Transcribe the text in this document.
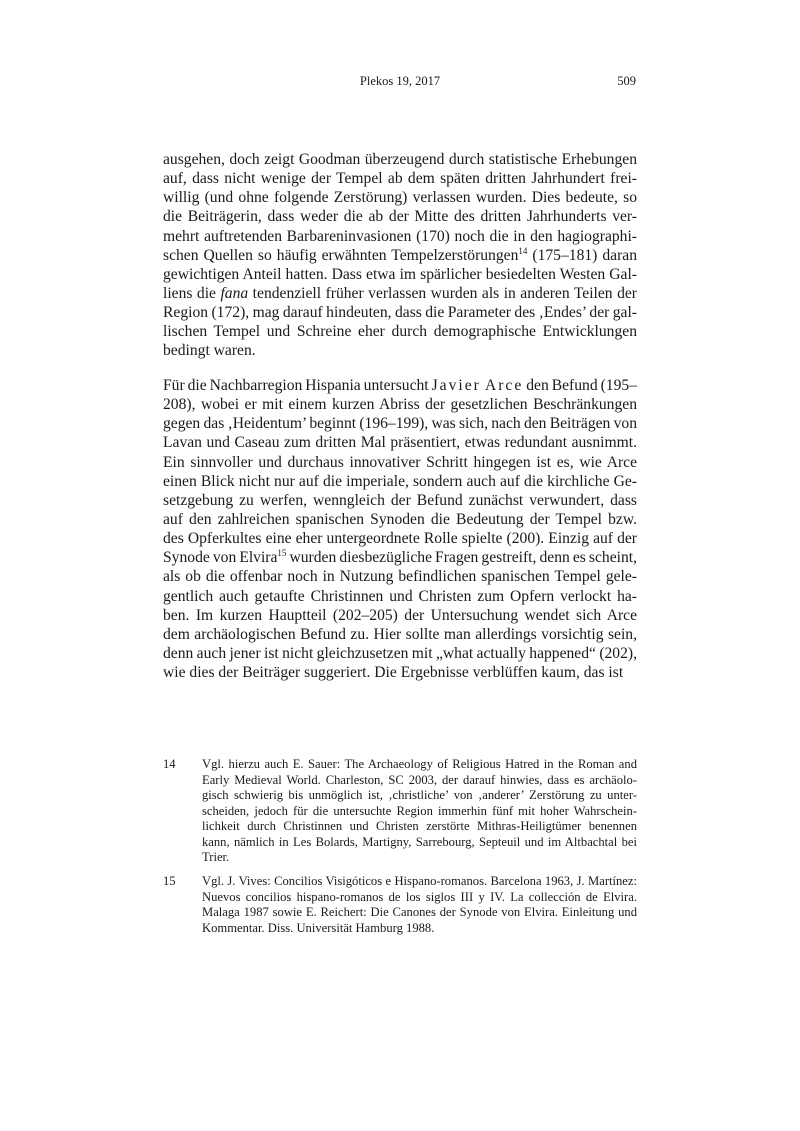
Plekos 19, 2017	509
ausgehen, doch zeigt Goodman überzeugend durch statistische Erhebungen
auf, dass nicht wenige der Tempel ab dem späten dritten Jahrhundert frei-
willig (und ohne folgende Zerstörung) verlassen wurden. Dies bedeute, so
die Beiträgerin, dass weder die ab der Mitte des dritten Jahrhunderts ver-
mehrt auftretenden Barbareninvasionen (170) noch die in den hagiographi-
schen Quellen so häufig erwähnten Tempelzerstörungen$^{14}$ (175–181) daran
gewichtigen Anteil hatten. Dass etwa im spärlicher besiedelten Westen Gal-
liens die fana tendenziell früher verlassen wurden als in anderen Teilen der
Region (172), mag darauf hindeuten, dass die Parameter des ‚Endes’ der gal-
lischen Tempel und Schreine eher durch demographische Entwicklungen
bedingt waren.
Für die Nachbarregion Hispania untersucht Javier Arce den Befund (195–
208), wobei er mit einem kurzen Abriss der gesetzlichen Beschränkungen
gegen das ‚Heidentum’ beginnt (196–199), was sich, nach den Beiträgen von
Lavan und Caseau zum dritten Mal präsentiert, etwas redundant ausnimmt.
Ein sinnvoller und durchaus innovativer Schritt hingegen ist es, wie Arce
einen Blick nicht nur auf die imperiale, sondern auch auf die kirchliche Ge-
setzgebung zu werfen, wenngleich der Befund zunächst verwundert, dass
auf den zahlreichen spanischen Synoden die Bedeutung der Tempel bzw.
des Opferkultes eine eher untergeordnete Rolle spielte (200). Einzig auf der
Synode von Elvira$^{15}$ wurden diesbezügliche Fragen gestreift, denn es scheint,
als ob die offenbar noch in Nutzung befindlichen spanischen Tempel gele-
gentlich auch getaufte Christinnen und Christen zum Opfern verlockt ha-
ben. Im kurzen Hauptteil (202–205) der Untersuchung wendet sich Arce
dem archäologischen Befund zu. Hier sollte man allerdings vorsichtig sein,
denn auch jener ist nicht gleichzusetzen mit „what actually happened“ (202),
wie dies der Beiträger suggeriert. Die Ergebnisse verblüffen kaum, das ist
14 Vgl. hierzu auch E. Sauer: The Archaeology of Religious Hatred in the Roman and
Early Medieval World. Charleston, SC 2003, der darauf hinwies, dass es archäolo-
gisch schwierig bis unmöglich ist, ‚christliche’ von ‚anderer’ Zerstörung zu unter-
scheiden, jedoch für die untersuchte Region immerhin fünf mit hoher Wahrschein-
lichkeit durch Christinnen und Christen zerstörte Mithras-Heiligtümer benennen
kann, nämlich in Les Bolards, Martigny, Sarrebourg, Septeuil und im Altbachtal bei
Trier.
15 Vgl. J. Vives: Concilios Visigóticos e Hispano-romanos. Barcelona 1963, J. Martínez:
Nuevos concilios hispano-romanos de los siglos III y IV. La collección de Elvira.
Malaga 1987 sowie E. Reichert: Die Canones der Synode von Elvira. Einleitung und
Kommentar. Diss. Universität Hamburg 1988.
